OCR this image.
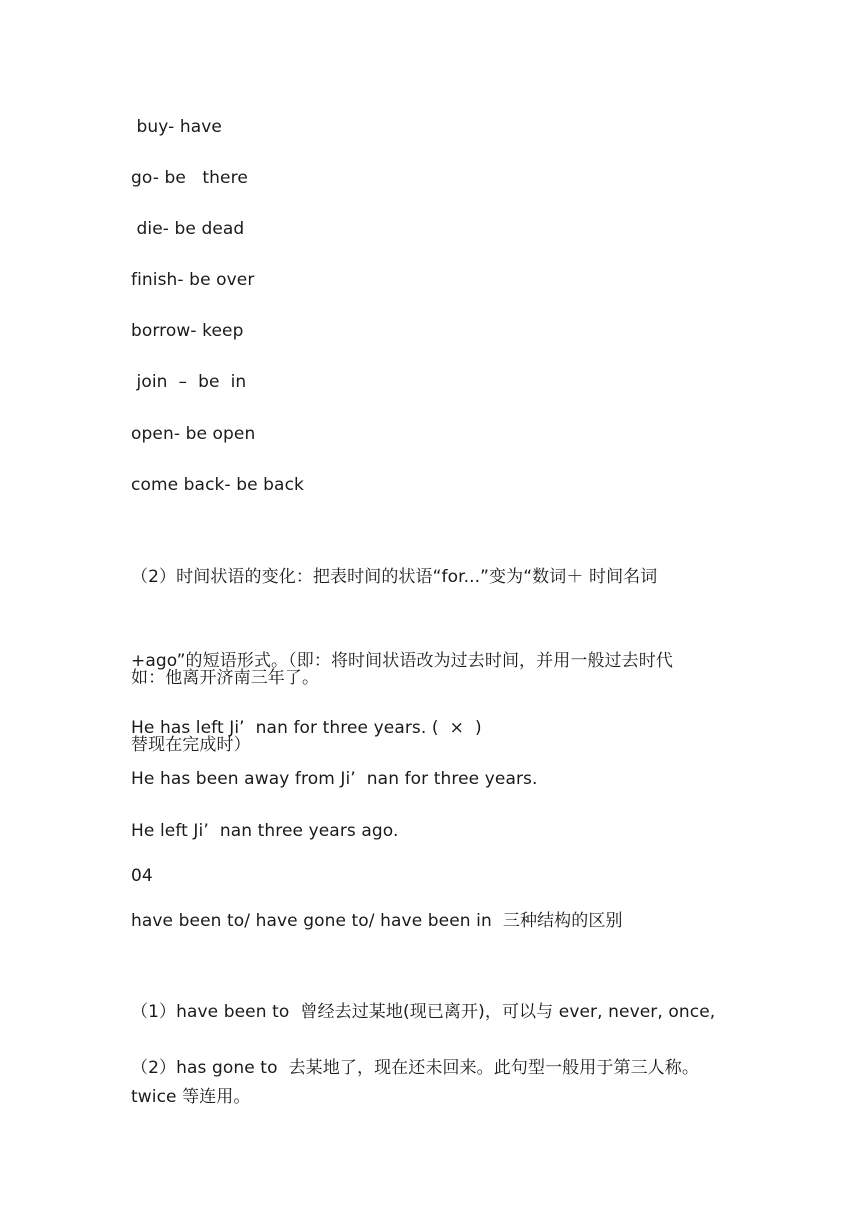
buy- have
go- be   there
die- be dead
finish- be over
borrow- keep
join  –  be  in
open- be open
come back- be back

（2）时间状语的变化：把表时间的状语“for...”变为“数词＋ 时间名词

+ago”的短语形式。（即：将时间状语改为过去时间，并用一般过去时代

替现在完成时）

如：他离开济南三年了。
He has left Ji’  nan for three years. (  ×  )
He has been away from Ji’  nan for three years.
He left Ji’  nan three years ago.
04
have been to/ have gone to/ have been in  三种结构的区别

（1）have been to  曾经去过某地(现已离开)，可以与 ever, never, once,

twice 等连用。

（2）has gone to  去某地了，现在还未回来。此句型一般用于第三人称。
